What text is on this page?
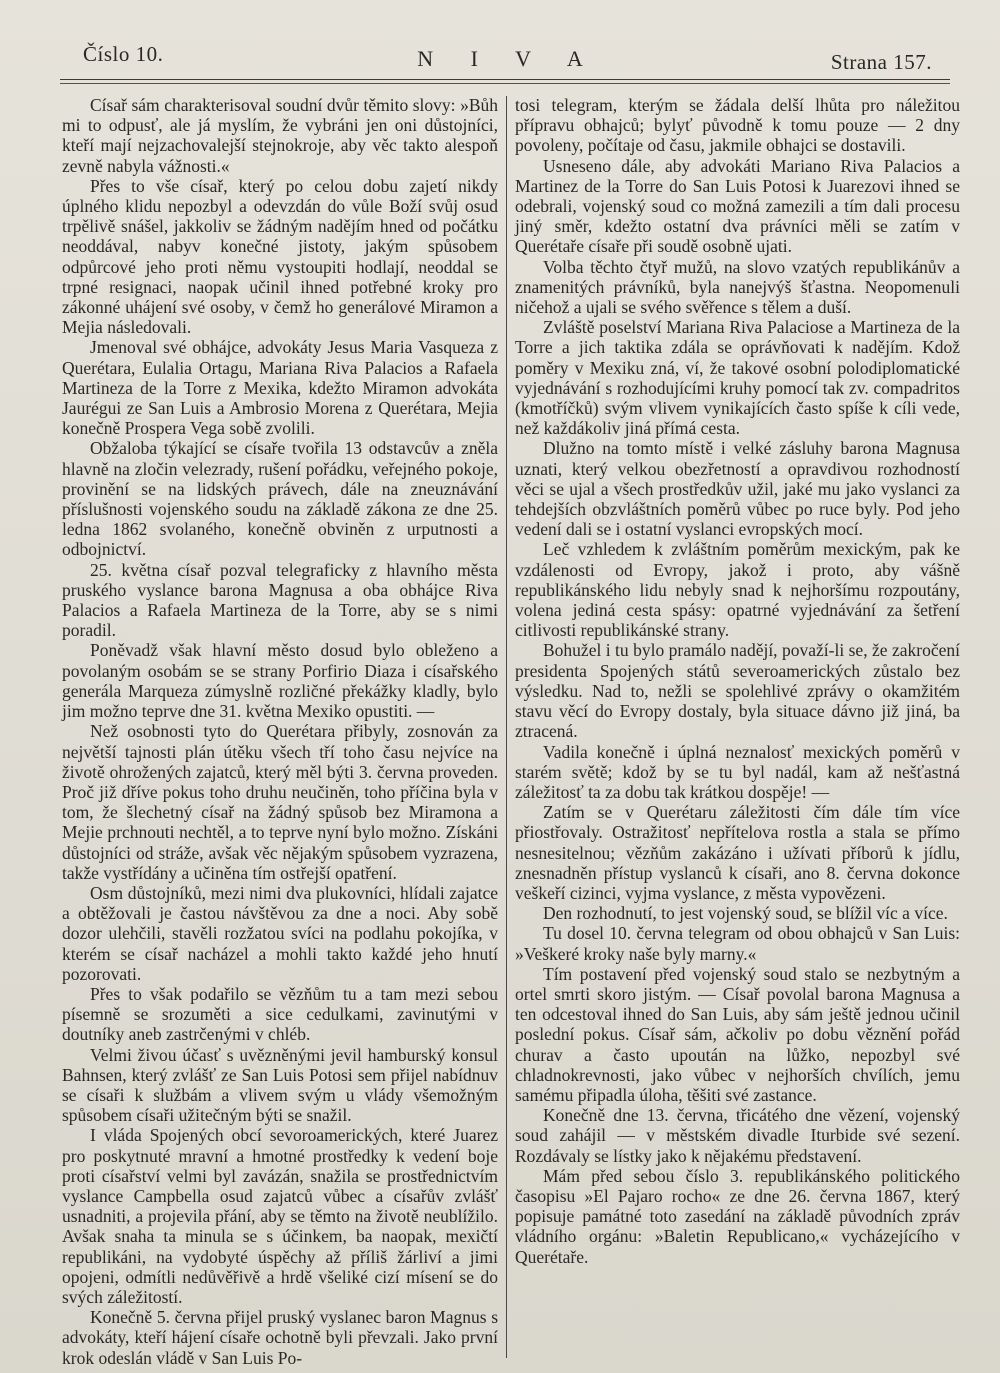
Číslo 10.	N I V A	Strana 157.

Císař sám charakterisoval soudní dvůr těmito slovy: »Bůh mi to odpusť, ale já myslím, že vybráni jen oni důstojníci, kteří mají nejzachovalejší stejnokroje, aby věc takto alespoň zevně nabyla vážnosti.«

Přes to vše císař, který po celou dobu zajetí nikdy úplného klidu nepozbyl a odevzdán do vůle Boží svůj osud trpělivě snášel, jakkoliv se žádným nadějím hned od počátku neoddával, nabyv konečné jistoty, jakým spůsobem odpůrcové jeho proti němu vystoupiti hodlají, neoddal se trpné resignaci, naopak učinil ihned potřebné kroky pro zákonné uhájení své osoby, v čemž ho generálové Miramon a Mejia následovali.

Jmenoval své obhájce, advokáty Jesus Maria Vasqueza z Querétara, Eulalia Ortagu, Mariana Riva Palacios a Rafaela Martineza de la Torre z Mexika, kdežto Miramon advokáta Jaurégui ze San Luis a Ambrosio Morena z Querétara, Mejia konečně Prospera Vega sobě zvolili.

Obžaloba týkající se císaře tvořila 13 odstavcův a zněla hlavně na zločin velezrady, rušení pořádku, veřejného pokoje, provinění se na lidských právech, dále na zneuznávání příslušnosti vojenského soudu na základě zákona ze dne 25. ledna 1862 svolaného, konečně obviněn z urputnosti a odbojnictví.

25. května císař pozval telegraficky z hlavního města pruského vyslance barona Magnusa a oba obhájce Riva Palacios a Rafaela Martineza de la Torre, aby se s nimi poradil.

Poněvadž však hlavní město dosud bylo obleženo a povolaným osobám se se strany Porfirio Diaza i císařského generála Marqueza zúmyslně rozličné překážky kladly, bylo jim možno teprve dne 31. května Mexiko opustiti. —

Než osobnosti tyto do Querétara přibyly, zosnován za největší tajnosti plán útěku všech tří toho času nejvíce na životě ohrožených zajatců, který měl býti 3. června proveden. Proč již dříve pokus toho druhu neučiněn, toho příčina byla v tom, že šlechetný císař na žádný spůsob bez Miramona a Mejie prchnouti nechtěl, a to teprve nyní bylo možno. Získáni důstojníci od stráže, avšak věc nějakým spůsobem vyzrazena, takže vystřídány a učiněna tím ostřejší opatření.

Osm důstojníků, mezi nimi dva plukovníci, hlídali zajatce a obtěžovali je častou návštěvou za dne a noci. Aby sobě dozor ulehčili, stavěli rozžatou svíci na podlahu pokojíka, v kterém se císař nacházel a mohli takto každé jeho hnutí pozorovati.

Přes to však podařilo se vězňům tu a tam mezi sebou písemně se srozuměti a sice cedulkami, zavinutými v doutníky aneb zastrčenými v chléb.

Velmi živou účasť s uvězněnými jevil hamburský konsul Bahnsen, který zvlášť ze San Luis Potosi sem přijel nabídnuv se císaři k službám a vlivem svým u vlády všemožným spůsobem císaři užitečným býti se snažil.

I vláda Spojených obcí sevoroamerických, které Juarez pro poskytnuté mravní a hmotné prostředky k vedení boje proti císařství velmi byl zavázán, snažila se prostřednictvím vyslance Campbella osud zajatců vůbec a císařův zvlášť usnadniti, a projevila přání, aby se těmto na životě neublížilo. Avšak snaha ta minula se s účinkem, ba naopak, mexičtí republikáni, na vydobyté úspěchy až příliš žárliví a jimi opojeni, odmítli nedůvěřivě a hrdě všeliké cizí mísení se do svých záležitostí.

Konečně 5. června přijel pruský vyslanec baron Magnus s advokáty, kteří hájení císaře ochotně byli převzali. Jako první krok odeslán vládě v San Luis Po-

tosi telegram, kterým se žádala delší lhůta pro náležitou přípravu obhajců; bylyť původně k tomu pouze — 2 dny povoleny, počítaje od času, jakmile obhajci se dostavili.

Usneseno dále, aby advokáti Mariano Riva Palacios a Martinez de la Torre do San Luis Potosi k Juarezovi ihned se odebrali, vojenský soud co možná zamezili a tím dali procesu jiný směr, kdežto ostatní dva právníci měli se zatím v Querétaře císaře při soudě osobně ujati.

Volba těchto čtyř mužů, na slovo vzatých republikánův a znamenitých právníků, byla nanejvýš šťastna. Neopomenuli ničehož a ujali se svého svěřence s tělem a duší.

Zvláště poselství Mariana Riva Palaciose a Martineza de la Torre a jich taktika zdála se oprávňovati k nadějím. Kdož poměry v Mexiku zná, ví, že takové osobní polodiplomatické vyjednávání s rozhodujícími kruhy pomocí tak zv. compadritos (kmotříčků) svým vlivem vynikajících často spíše k cíli vede, než každákoliv jiná přímá cesta.

Dlužno na tomto místě i velké zásluhy barona Magnusa uznati, který velkou obezřetností a opravdivou rozhodností věci se ujal a všech prostředkův užil, jaké mu jako vyslanci za tehdejších obzvláštních poměrů vůbec po ruce byly. Pod jeho vedení dali se i ostatní vyslanci evropských mocí.

Leč vzhledem k zvláštním poměrům mexickým, pak ke vzdálenosti od Evropy, jakož i proto, aby vášně republikánského lidu nebyly snad k nejhoršímu rozpoutány, volena jediná cesta spásy: opatrné vyjednávání za šetření citlivosti republikánské strany.

Bohužel i tu bylo pramálo nadějí, považí-li se, že zakročení presidenta Spojených států severoamerických zůstalo bez výsledku. Nad to, nežli se spolehlivé zprávy o okamžitém stavu věcí do Evropy dostaly, byla situace dávno již jiná, ba ztracená.

Vadila konečně i úplná neznalosť mexických poměrů v starém světě; kdož by se tu byl nadál, kam až nešťastná záležitosť ta za dobu tak krátkou dospěje! —

Zatím se v Querétaru záležitosti čím dále tím více přiostřovaly. Ostražitosť nepřítelova rostla a stala se přímo nesnesitelnou; vězňům zakázáno i užívati příborů k jídlu, znesnadněn přístup vyslanců k císaři, ano 8. června dokonce veškeří cizinci, vyjma vyslance, z města vypovězeni.

Den rozhodnutí, to jest vojenský soud, se blížil víc a více.

Tu dosel 10. června telegram od obou obhajců v San Luis: »Veškeré kroky naše byly marny.«

Tím postavení před vojenský soud stalo se nezbytným a ortel smrti skoro jistým. — Císař povolal barona Magnusa a ten odcestoval ihned do San Luis, aby sám ještě jednou učinil poslední pokus. Císař sám, ačkoliv po dobu věznění pořád churav a často upoután na lůžko, nepozbyl své chladnokrevnosti, jako vůbec v nejhorších chvílích, jemu samému připadla úloha, těšiti své zastance.

Konečně dne 13. června, třicátého dne vězení, vojenský soud zahájil — v městském divadle Iturbide své sezení. Rozdávaly se lístky jako k nějakému představení.

Mám před sebou číslo 3. republikánského politického časopisu »El Pajaro rocho« ze dne 26. června 1867, který popisuje památné toto zasedání na základě původních zpráv vládního orgánu: »Baletin Republicano,« vycházejícího v Querétaře.
